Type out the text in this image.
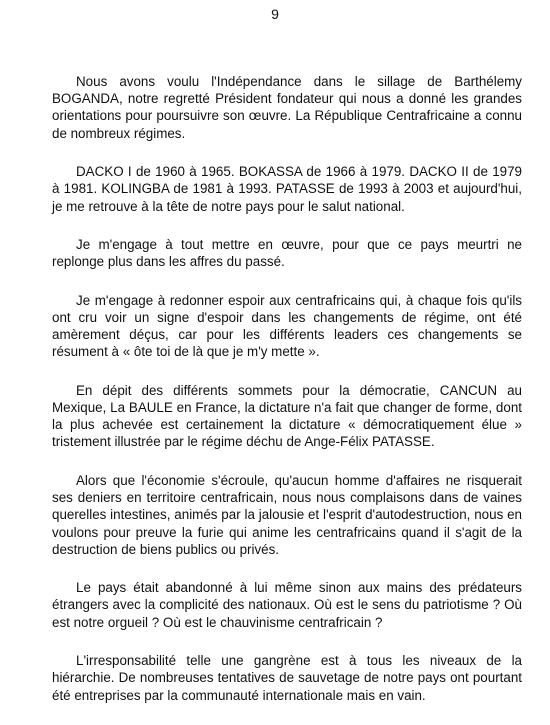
9

Nous avons voulu l'Indépendance dans le sillage de Barthélemy BOGANDA, notre regretté Président fondateur qui nous a donné les grandes orientations pour poursuivre son œuvre. La République Centrafricaine a connu de nombreux régimes.

DACKO I de 1960 à 1965. BOKASSA de 1966 à 1979. DACKO II de 1979 à 1981. KOLINGBA de 1981 à 1993. PATASSE de 1993 à 2003 et aujourd'hui, je me retrouve à la tête de notre pays pour le salut national.

Je m'engage à tout mettre en œuvre, pour que ce pays meurtri ne replonge plus dans les affres du passé.

Je m'engage à redonner espoir aux centrafricains qui, à chaque fois qu'ils ont cru voir un signe d'espoir dans les changements de régime, ont été amèrement déçus, car pour les différents leaders ces changements se résument à « ôte toi de là que je m'y mette ».

En dépit des différents sommets pour la démocratie, CANCUN au Mexique, La BAULE en France, la dictature n'a fait que changer de forme, dont la plus achevée est certainement la dictature « démocratiquement élue » tristement illustrée par le régime déchu de Ange-Félix PATASSE.

Alors que l'économie s'écroule, qu'aucun homme d'affaires ne risquerait ses deniers en territoire centrafricain, nous nous complaisons dans de vaines querelles intestines, animés par la jalousie et l'esprit d'autodestruction, nous en voulons pour preuve la furie qui anime les centrafricains quand il s'agit de la destruction de biens publics ou privés.

Le pays était abandonné à lui même sinon aux mains des prédateurs étrangers avec la complicité des nationaux. Où est le sens du patriotisme ? Où est notre orgueil ? Où est le chauvinisme centrafricain ?

L'irresponsabilité telle une gangrène est à tous les niveaux de la hiérarchie. De nombreuses tentatives de sauvetage de notre pays ont pourtant été entreprises par la communauté internationale mais en vain.
